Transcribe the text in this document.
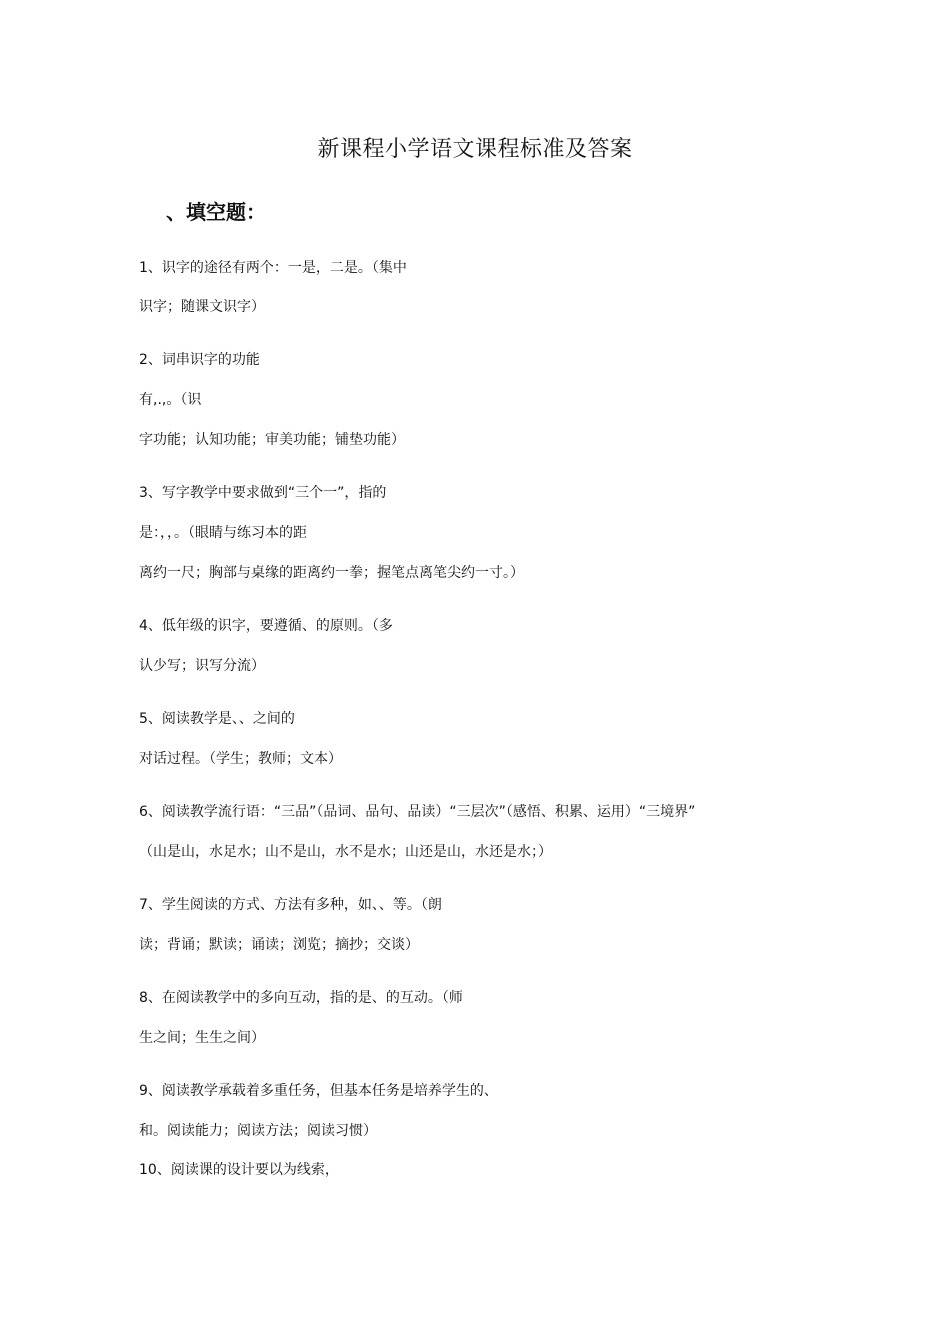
新课程小学语文课程标准及答案
、填空题：
1、识字的途径有两个：一是，二是。（集中
识字；随课文识字）
2、词串识字的功能
有,.,。（识
字功能；认知功能；审美功能；铺垫功能）
3、写字教学中要求做到“三个一”，指的
是：，，。（眼睛与练习本的距
离约一尺；胸部与桌缘的距离约一拳；握笔点离笔尖约一寸。）
4、低年级的识字，要遵循、的原则。（多
认少写；识写分流）
5、阅读教学是、、之间的
对话过程。（学生；教师；文本）
6、阅读教学流行语：“三品”（品词、品句、品读）“三层次”（感悟、积累、运用）“三境界”
（山是山，水足水；山不是山，水不是水；山还是山，水还是水；）
7、学生阅读的方式、方法有多种，如、、等。（朗
读；背诵；默读；诵读；浏览；摘抄；交谈）
8、在阅读教学中的多向互动，指的是、的互动。（师
生之间；生生之间）
9、阅读教学承载着多重任务，但基本任务是培养学生的、
和。阅读能力；阅读方法；阅读习惯）
10、阅读课的设计要以为线索，
